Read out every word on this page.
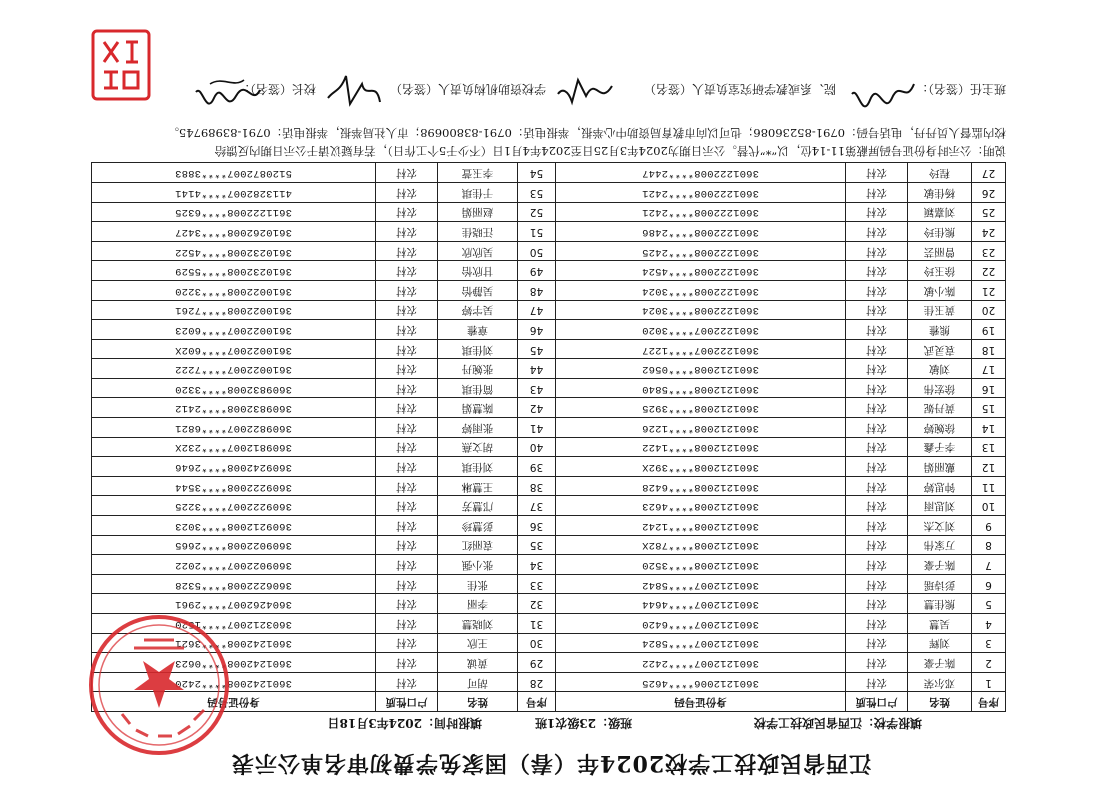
江西省民政技工学校2024年（春）国家免学费初审名单公示表
填报学校：江西省民政技工学校
班级：23级农1班
填报时间：2024年3月18日
序号	姓名	户口性质	身份证号码	序号	姓名	户口性质	身份证号码
1	邓尔荣	农村	3601212006****4625	28	胡可	农村	3601242008****2420
2	陈子豪	农村	3601212007****2422	29	黄诚	农村	3601242008****0623
3	刘辉	农村	3601212007****5824	30	王欣	农村	3601242008****3621
4	吴慧	农村	3601212007****6420	31	刘晓慧	农村	3603212007****1520
5	熊佳慧	农村	3601212007****4644	32	李丽	农村	3604262007****2961
6	彭诗瑶	农村	3601212007****5842	33	张佳	农村	3606222008****5328
7	陈子豪	农村	3601212008****3520	34	张小强	农村	3609022007****2022
8	万家伟	农村	3601212008****782X	35	袁丽红	农村	3609022008****2665
9	刘文杰	农村	3601212008****1242	36	彭慧珍	农村	3609212008****3023
10	刘思雨	农村	3601212008****4623	37	邝慧芳	农村	3609222007****3225
11	钟思婷	农村	3601212008****6428	38	王慧琳	农村	3609222008****3544
12	戴丽娟	农村	3601212008****392X	39	刘佳琪	农村	3609242008****2646
13	李子鑫	农村	3601212008****1422	40	胡文燕	农村	3609812007****232X
14	徐婉婷	农村	3601212008****1226	41	张雨婷	农村	3609822007****6821
15	黄丹妮	农村	3601212008****3925	42	陈慧娟	农村	3609832008****2412
16	徐宏伟	农村	3601212008****5840	43	简佳琪	农村	3609832008****3320
17	刘敏	农村	3601212008****0562	44	张婉丹	农村	3610022007****7222
18	袁灵武	农村	3601222007****1227	45	刘佳琪	农村	3610022007****602X
19	熊雅	农村	3601222007****3020	46	章雅	农村	3610022007****6023
20	黄玉佳	农村	3601222008****3024	47	吴宇婷	农村	3610022008****7261
21	陈小敏	农村	3601222008****3024	48	吴静怡	农村	3610022008****3220
22	徐玉玲	农村	3601222008****4524	49	甘欣怡	农村	3610232008****5529
23	曾丽芸	农村	3601222008****2425	50	吴欣欣	农村	3610232008****4522
24	熊佳玲	农村	3601222008****2486	51	汪晓佳	农村	3610262008****3427
25	刘嘉颖	农村	3601222008****2421	52	赵丽娟	农村	3611222008****6325
26	杨佳敏	农村	3601222008****2421	53	于佳琪	农村	4113282007****4141
27	程玲	农村	3601222008****2447	54	李玉萱	农村	5120872007****3883
说明：公示时身份证号码屏蔽第11-14位，以“*”代替。公示日期为2024年3月25日至2024年4月1日（不少于5个工作日），若有疑议请于公示日期内反馈给
校内监督人员丹丹，电话号码：0791-85236086；也可以向市教育局资助中心举报，举报电话：0791-83800698；市人社局举报，举报电话：0791-83989745。
班主任（签名）：
院、系或教学研究室负责人（签名）
学校资助机构负责人（签名）
校长（签名）：
